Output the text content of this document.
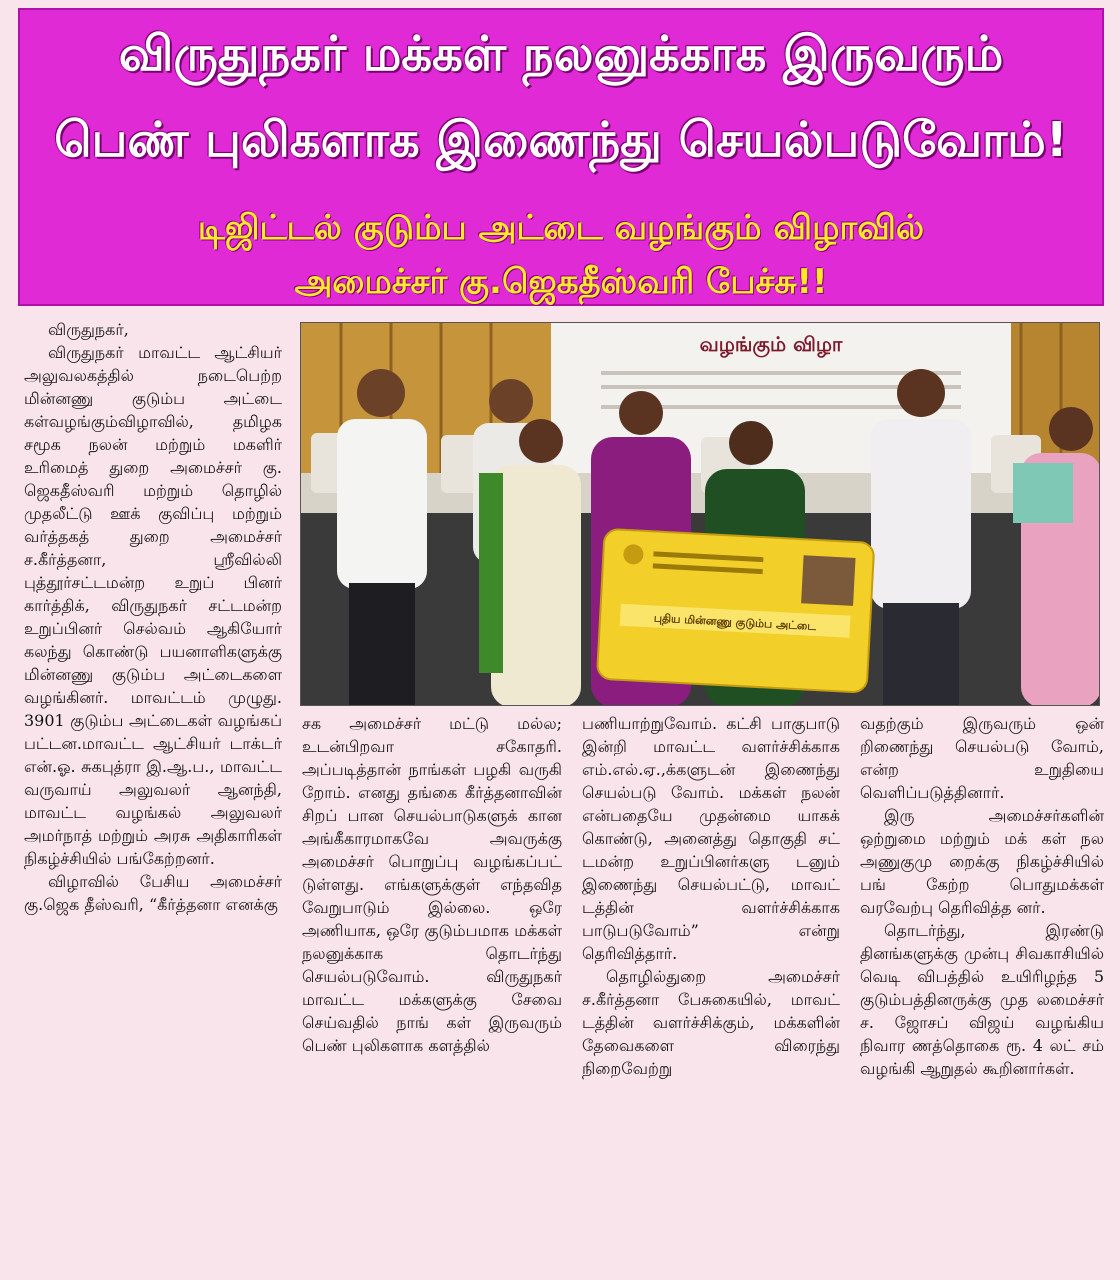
விருதுநகர் மக்கள் நலனுக்காக இருவரும்
பெண் புலிகளாக இணைந்து செயல்படுவோம்!
டிஜிட்டல் குடும்ப அட்டை வழங்கும் விழாவில்
அமைச்சர் கு.ஜெகதீஸ்வரி பேச்சு!!

விருதுநகர்,

விருதுநகர் மாவட்ட ஆட்சியர் அலுவலகத்தில் நடைபெற்ற மின்னணு குடும்ப அட்டை கள்வழங்கும்விழாவில், தமிழக சமூக நலன் மற்றும் மகளிர் உரிமைத் துறை அமைச்சர் கு. ஜெகதீஸ்வரி மற்றும் தொழில் முதலீட்டு ஊக் குவிப்பு மற்றும் வர்த்தகத் துறை அமைச்சர் ச.கீர்த்தனா, ஸ்ரீவில்லி புத்தூர்சட்டமன்ற உறுப் பினர் கார்த்திக், விருதுநகர் சட்டமன்ற உறுப்பினர் செல்வம் ஆகியோர் கலந்து கொண்டு பயனாளிகளுக்கு மின்னணு குடும்ப அட்டைகளை வழங்கினர். மாவட்டம் முழுது. 3901 குடும்ப அட்டைகள் வழங்கப் பட்டன.மாவட்ட ஆட்சியர் டாக்டர் என்.ஓ. சுகபுத்ரா இ.ஆ.ப., மாவட்ட வருவாய் அலுவலர் ஆனந்தி, மாவட்ட வழங்கல் அலுவலர் அமர்நாத் மற்றும் அரசு அதிகாரிகள் நிகழ்ச்சியில் பங்கேற்றனர்.

விழாவில் பேசிய அமைச்சர் கு.ஜெக தீஸ்வரி, “கீர்த்தனா எனக்கு

வழங்கும் விழா
புதிய மின்னணு குடும்ப அட்டை

சக அமைச்சர் மட்டு மல்ல; உடன்பிறவா சகோதரி. அப்படித்தான் நாங்கள் பழகி வருகி றோம். எனது தங்கை கீர்த்தனாவின் சிறப் பான செயல்பாடுகளுக் கான அங்கீகாரமாகவே அவருக்கு அமைச்சர் பொறுப்பு வழங்கப்பட் டுள்ளது. எங்களுக்குள் எந்தவித வேறுபாடும் இல்லை. ஒரே அணியாக, ஒரே குடும்பமாக மக்கள் நலனுக்காக தொடர்ந்து செயல்படுவோம். விருதுநகர் மாவட்ட மக்களுக்கு சேவை செய்வதில் நாங் கள் இருவரும் பெண் புலிகளாக களத்தில்

பணியாற்றுவோம். கட்சி பாகுபாடு இன்றி மாவட்ட வளர்ச்சிக்காக எம்.எல்.ஏ.,க்களுடன் இணைந்து செயல்படு வோம். மக்கள் நலன் என்பதையே முதன்மை யாகக் கொண்டு, அனைத்து தொகுதி சட் டமன்ற உறுப்பினர்களு டனும் இணைந்து செயல்பட்டு, மாவட் டத்தின் வளர்ச்சிக்காக பாடுபடுவோம்” என்று தெரிவித்தார்.

தொழில்துறை அமைச்சர் ச.கீர்த்தனா பேசுகையில், மாவட் டத்தின் வளர்ச்சிக்கும், மக்களின் தேவைகளை விரைந்து நிறைவேற்று

வதற்கும் இருவரும் ஒன் றிணைந்து செயல்படு வோம், என்ற உறுதியை வெளிப்படுத்தினார்.

இரு அமைச்சர்களின் ஒற்றுமை மற்றும் மக் கள் நல அணுகுமு றைக்கு நிகழ்ச்சியில் பங் கேற்ற பொதுமக்கள் வரவேற்பு தெரிவித்த னர்.

தொடர்ந்து, இரண்டு தினங்களுக்கு முன்பு சிவகாசியில் வெடி விபத்தில் உயிரிழந்த 5 குடும்பத்தினருக்கு முத லமைச்சர் ச. ஜோசப் விஜய் வழங்கிய நிவார ணத்தொகை ரூ. 4 லட் சம் வழங்கி ஆறுதல் கூறினார்கள்.
